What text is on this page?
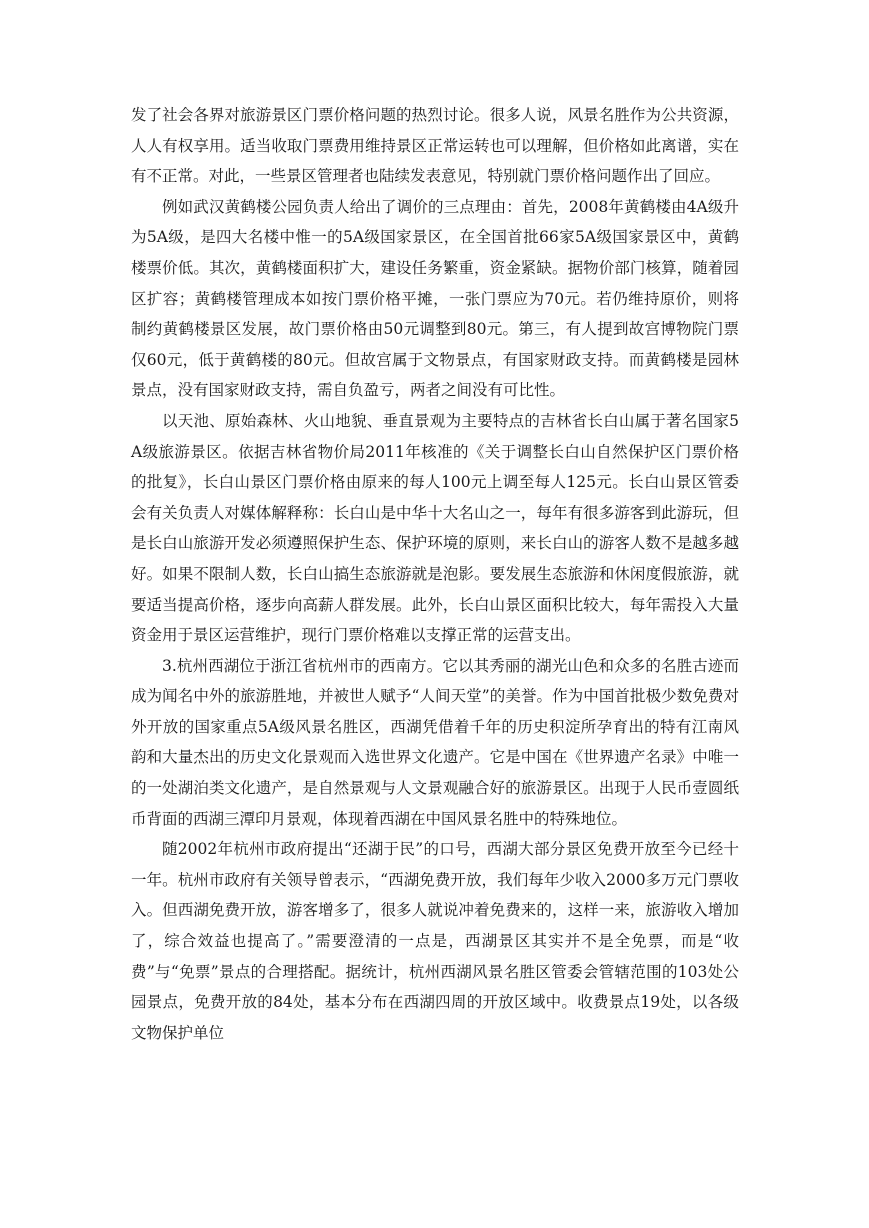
发了社会各界对旅游景区门票价格问题的热烈讨论。很多人说，风景名胜作为公共资源，人人有权享用。适当收取门票费用维持景区正常运转也可以理解，但价格如此离谱，实在有不正常。对此，一些景区管理者也陆续发表意见，特别就门票价格问题作出了回应。

例如武汉黄鹤楼公园负责人给出了调价的三点理由：首先，2008年黄鹤楼由4A级升为5A级，是四大名楼中惟一的5A级国家景区，在全国首批66家5A级国家景区中，黄鹤楼票价低。其次，黄鹤楼面积扩大，建设任务繁重，资金紧缺。据物价部门核算，随着园区扩容；黄鹤楼管理成本如按门票价格平摊，一张门票应为70元。若仍维持原价，则将制约黄鹤楼景区发展，故门票价格由50元调整到80元。第三，有人提到故宫博物院门票仅60元，低于黄鹤楼的80元。但故宫属于文物景点，有国家财政支持。而黄鹤楼是园林景点，没有国家财政支持，需自负盈亏，两者之间没有可比性。

以天池、原始森林、火山地貌、垂直景观为主要特点的吉林省长白山属于著名国家5A级旅游景区。依据吉林省物价局2011年核准的《关于调整长白山自然保护区门票价格的批复》，长白山景区门票价格由原来的每人100元上调至每人125元。长白山景区管委会有关负责人对媒体解释称：长白山是中华十大名山之一，每年有很多游客到此游玩，但是长白山旅游开发必须遵照保护生态、保护环境的原则，来长白山的游客人数不是越多越好。如果不限制人数，长白山搞生态旅游就是泡影。要发展生态旅游和休闲度假旅游，就要适当提高价格，逐步向高薪人群发展。此外，长白山景区面积比较大，每年需投入大量资金用于景区运营维护，现行门票价格难以支撑正常的运营支出。

3.杭州西湖位于浙江省杭州市的西南方。它以其秀丽的湖光山色和众多的名胜古迹而成为闻名中外的旅游胜地，并被世人赋予“人间天堂”的美誉。作为中国首批极少数免费对外开放的国家重点5A级风景名胜区，西湖凭借着千年的历史积淀所孕育出的特有江南风韵和大量杰出的历史文化景观而入选世界文化遗产。它是中国在《世界遗产名录》中唯一的一处湖泊类文化遗产，是自然景观与人文景观融合好的旅游景区。出现于人民币壹圆纸币背面的西湖三潭印月景观，体现着西湖在中国风景名胜中的特殊地位。

随2002年杭州市政府提出“还湖于民”的口号，西湖大部分景区免费开放至今已经十一年。杭州市政府有关领导曾表示，“西湖免费开放，我们每年少收入2000多万元门票收入。但西湖免费开放，游客增多了，很多人就说冲着免费来的，这样一来，旅游收入增加了，综合效益也提高了。”需要澄清的一点是，西湖景区其实并不是全免票，而是“收费”与“免票”景点的合理搭配。据统计，杭州西湖风景名胜区管委会管辖范围的103处公园景点，免费开放的84处，基本分布在西湖四周的开放区域中。收费景点19处，以各级文物保护单位
